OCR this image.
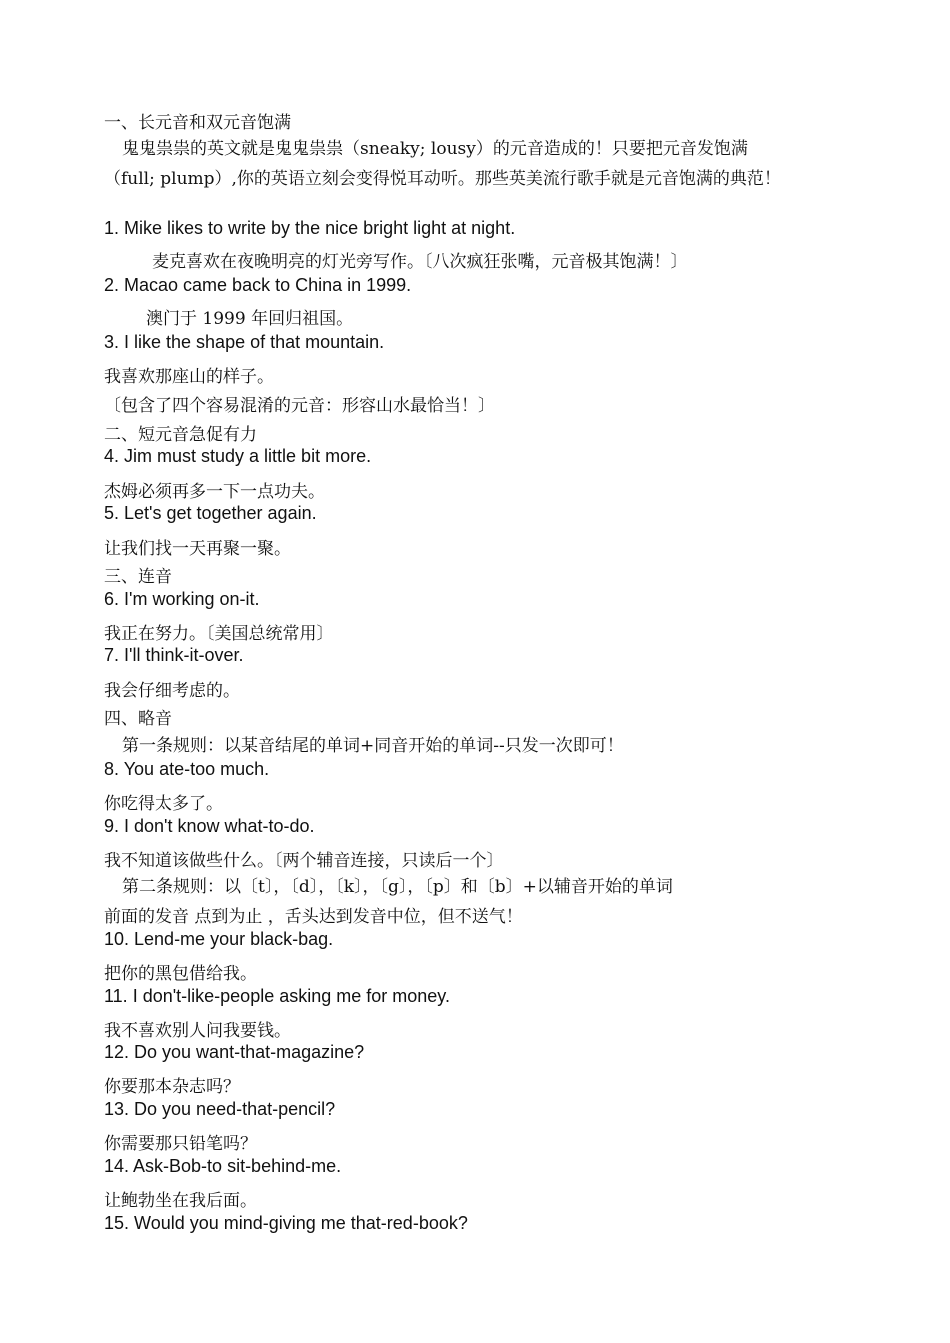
一、长元音和双元音饱满
鬼鬼祟祟的英文就是鬼鬼祟祟（sneaky; lousy）的元音造成的！只要把元音发饱满
（full; plump）,你的英语立刻会变得悦耳动听。那些英美流行歌手就是元音饱满的典范！
1. Mike likes to write by the nice bright light at night.
麦克喜欢在夜晚明亮的灯光旁写作。〔八次疯狂张嘴，元音极其饱满！〕
2. Macao came back to China in 1999.
澳门于 1999 年回归祖国。
3. I like the shape of that mountain.
我喜欢那座山的样子。
〔包含了四个容易混淆的元音：形容山水最恰当！〕
二、短元音急促有力
4. Jim must study a little bit more.
杰姆必须再多一下一点功夫。
5. Let's get together again.
让我们找一天再聚一聚。
三、连音
6. I'm working on-it.
我正在努力。〔美国总统常用〕
7. I'll think-it-over.
我会仔细考虑的。
四、略音
第一条规则：以某音结尾的单词+同音开始的单词--只发一次即可！
8. You ate-too much.
你吃得太多了。
9. I don't know what-to-do.
我不知道该做些什么。〔两个辅音连接，只读后一个〕
第二条规则：以〔t〕，〔d〕，〔k〕，〔g〕，〔p〕和〔b〕+以辅音开始的单词
前面的发音 点到为止 ，舌头达到发音中位，但不送气！
10. Lend-me your black-bag.
把你的黑包借给我。
11. I don't-like-people asking me for money.
我不喜欢别人问我要钱。
12. Do you want-that-magazine?
你要那本杂志吗？
13. Do you need-that-pencil?
你需要那只铅笔吗？
14. Ask-Bob-to sit-behind-me.
让鲍勃坐在我后面。
15. Would you mind-giving me that-red-book?
